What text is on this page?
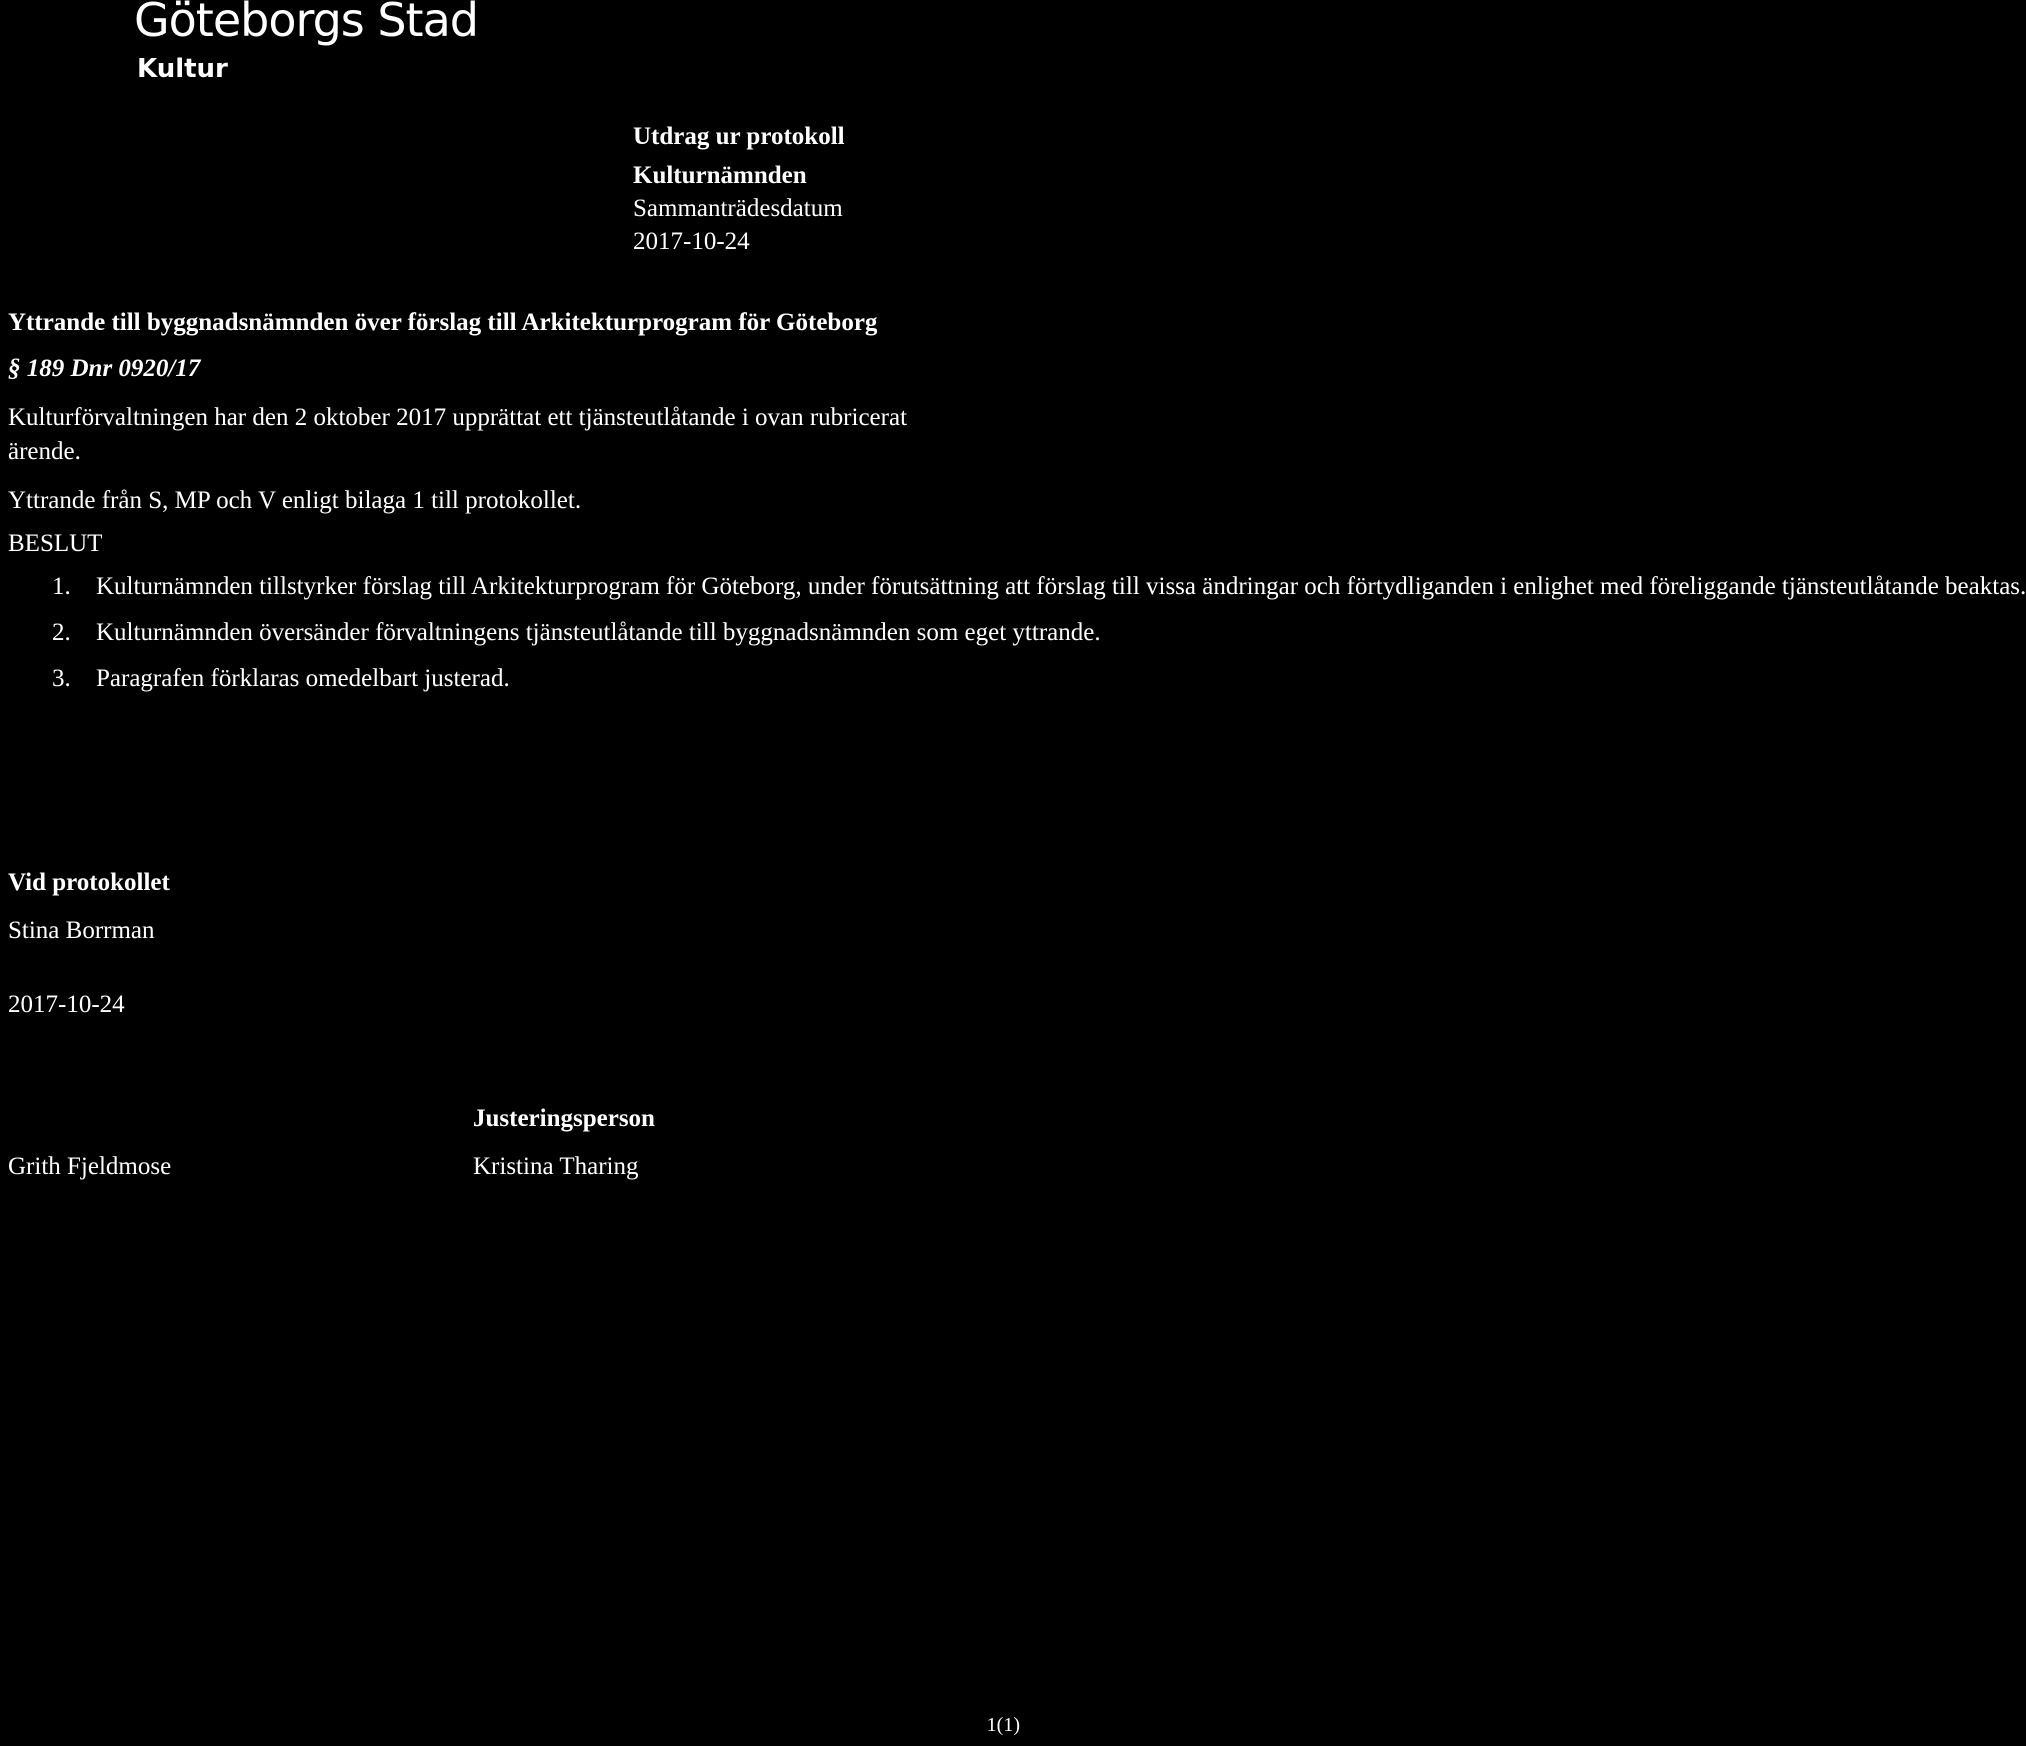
Göteborgs Stad
Kultur
Utdrag ur protokoll
Kulturnämnden
Sammanträdesdatum
2017-10-24
Yttrande till byggnadsnämnden över förslag till Arkitekturprogram för Göteborg
§ 189 Dnr 0920/17
Kulturförvaltningen har den 2 oktober 2017 upprättat ett tjänsteutlåtande i ovan rubricerat ärende.
Yttrande från S, MP och V enligt bilaga 1 till protokollet.
BESLUT
1. Kulturnämnden tillstyrker förslag till Arkitekturprogram för Göteborg, under förutsättning att förslag till vissa ändringar och förtydliganden i enlighet med föreliggande tjänsteutlåtande beaktas.
2. Kulturnämnden översänder förvaltningens tjänsteutlåtande till byggnadsnämnden som eget yttrande.
3. Paragrafen förklaras omedelbart justerad.
Vid protokollet
Stina Borrman
2017-10-24
Justeringsperson
Grith Fjeldmose	Kristina Tharing
1(1)
